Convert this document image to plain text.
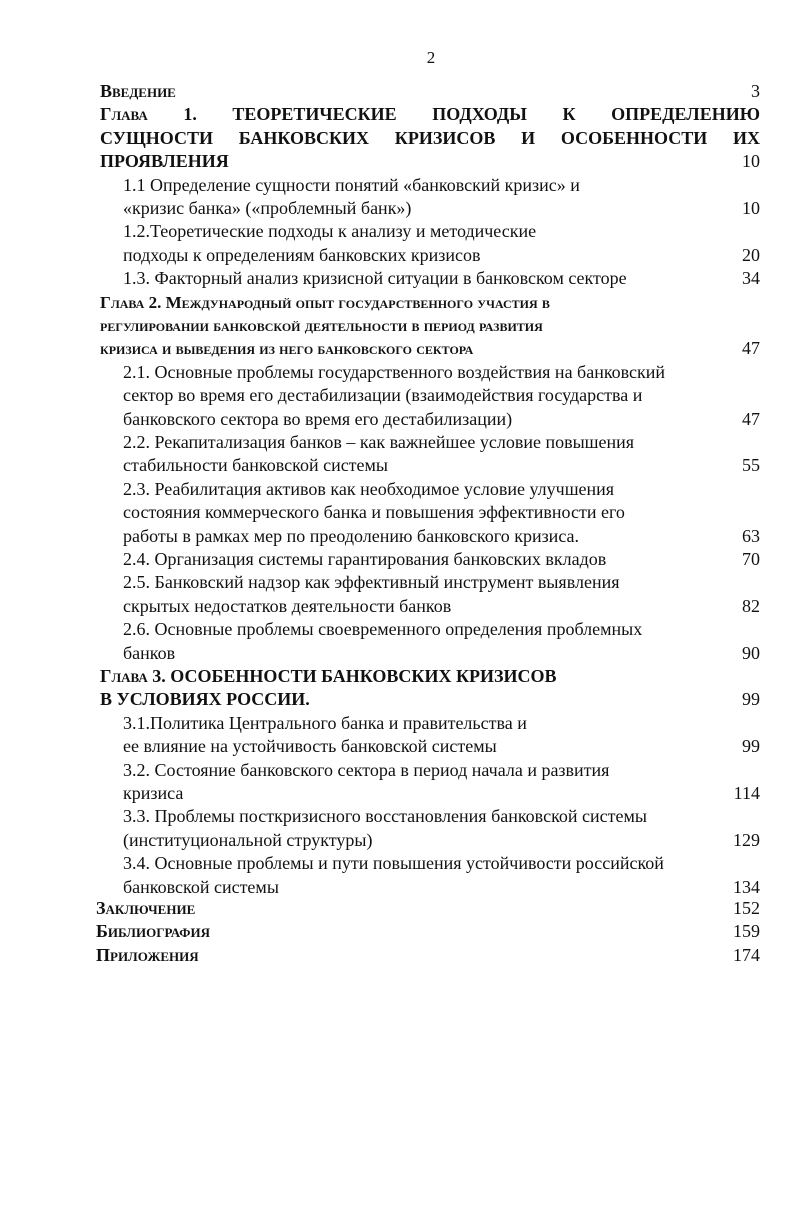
2
Введение	3
Глава 1. ТЕОРЕТИЧЕСКИЕ ПОДХОДЫ К ОПРЕДЕЛЕНИЮ
СУЩНОСТИ БАНКОВСКИХ КРИЗИСОВ И ОСОБЕННОСТИ ИХ
ПРОЯВЛЕНИЯ	10
1.1 Определение сущности понятий «банковский кризис» и
«кризис банка» («проблемный банк»)	10
1.2.Теоретические подходы к анализу и методические
подходы к определениям банковских кризисов	20
1.3. Факторный анализ кризисной ситуации в банковском секторе	34
Глава 2. Международный опыт государственного участия в
регулировании банковской деятельности в период развития
кризиса и выведения из него банковского сектора	47
2.1. Основные проблемы государственного воздействия на банковский
сектор во время его дестабилизации (взаимодействия государства и
банковского сектора во время его дестабилизации)	47
2.2. Рекапитализация банков – как важнейшее условие повышения
стабильности банковской системы	55
2.3. Реабилитация активов как необходимое условие улучшения
состояния коммерческого банка и повышения эффективности его
работы в рамках мер по преодолению банковского кризиса.	63
2.4. Организация системы гарантирования банковских вкладов	70
2.5. Банковский надзор как эффективный инструмент выявления
скрытых недостатков деятельности банков	82
2.6. Основные проблемы своевременного определения проблемных
банков	90
Глава 3. ОСОБЕННОСТИ БАНКОВСКИХ КРИЗИСОВ
В УСЛОВИЯХ РОССИИ.	99
3.1.Политика Центрального банка и правительства и
ее влияние на устойчивость банковской системы	99
3.2. Состояние банковского сектора в период начала и развития
кризиса	114
3.3. Проблемы посткризисного восстановления банковской системы
(институциональной структуры)	129
3.4. Основные проблемы и пути повышения устойчивости российской
банковской системы	134
Заключение	152
Библиография	159
Приложения	174
